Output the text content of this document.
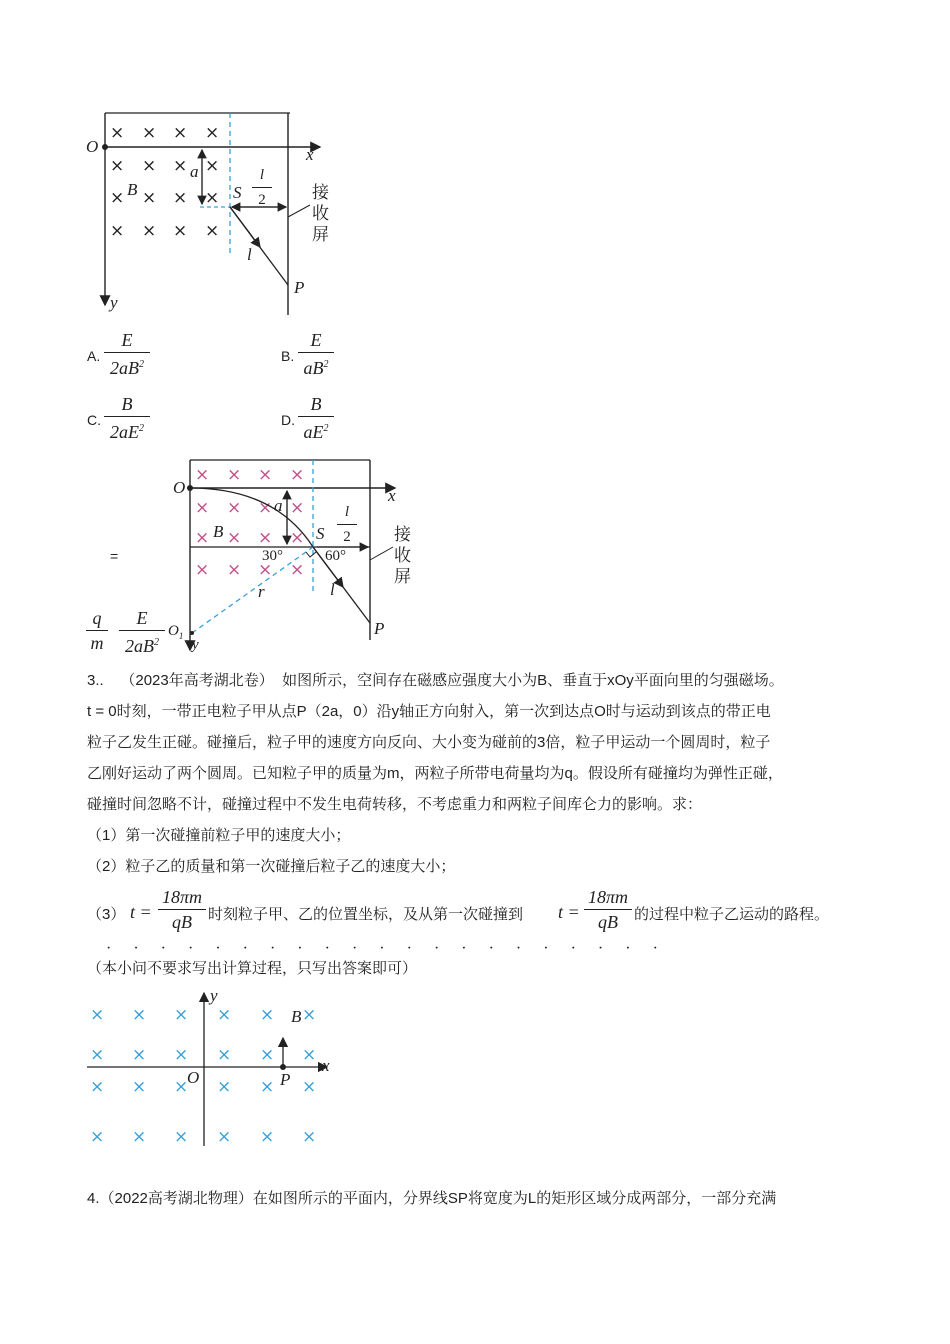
× × × ×
× × × ×
× × × ×
× × × ×
O	x
y
B
a
S
l
2
l
P
接
收
屏
A.
E
$2aB^2$
B.
E
$aB^2$
C.
B
$2aE^2$
D.
B
$aE^2$
× × × ×
× × × ×
× × × ×
× × × ×
O	x
y
B
a
S
l
2
30°	60°
r	l
P
$O_1$
接
收
屏
=
q
m
E
$2aB^2$
3.. （2023年高考湖北卷） 如图所示，空间存在磁感应强度大小为B、垂直于xOy平面向里的匀强磁场。
t = 0时刻，一带正电粒子甲从点P（2a，0）沿y轴正方向射入，第一次到达点O时与运动到该点的带正电
粒子乙发生正碰。碰撞后，粒子甲的速度方向反向、大小变为碰前的3倍，粒子甲运动一个圆周时，粒子
乙刚好运动了两个圆周。已知粒子甲的质量为m，两粒子所带电荷量均为q。假设所有碰撞均为弹性正碰，
碰撞时间忽略不计，碰撞过程中不发生电荷转移，不考虑重力和两粒子间库仑力的影响。求：
（1）第一次碰撞前粒子甲的速度大小；
（2）粒子乙的质量和第一次碰撞后粒子乙的速度大小；
（3） t =
18πm
qB	时刻粒子甲、乙的位置坐标，及从第一次碰撞到 t =
18πm
qB	的过程中粒子乙运动的路程。
· · · · · · · · · · · · · · · · · · · · ·
（本小问不要求写出计算过程，只写出答案即可）
× × × × × ×
× × × × × ×
× × × × × ×
× × × × × ×
y
x
O
B
P
4.（2022高考湖北物理）在如图所示的平面内，分界线SP将宽度为L的矩形区域分成两部分，一部分充满
